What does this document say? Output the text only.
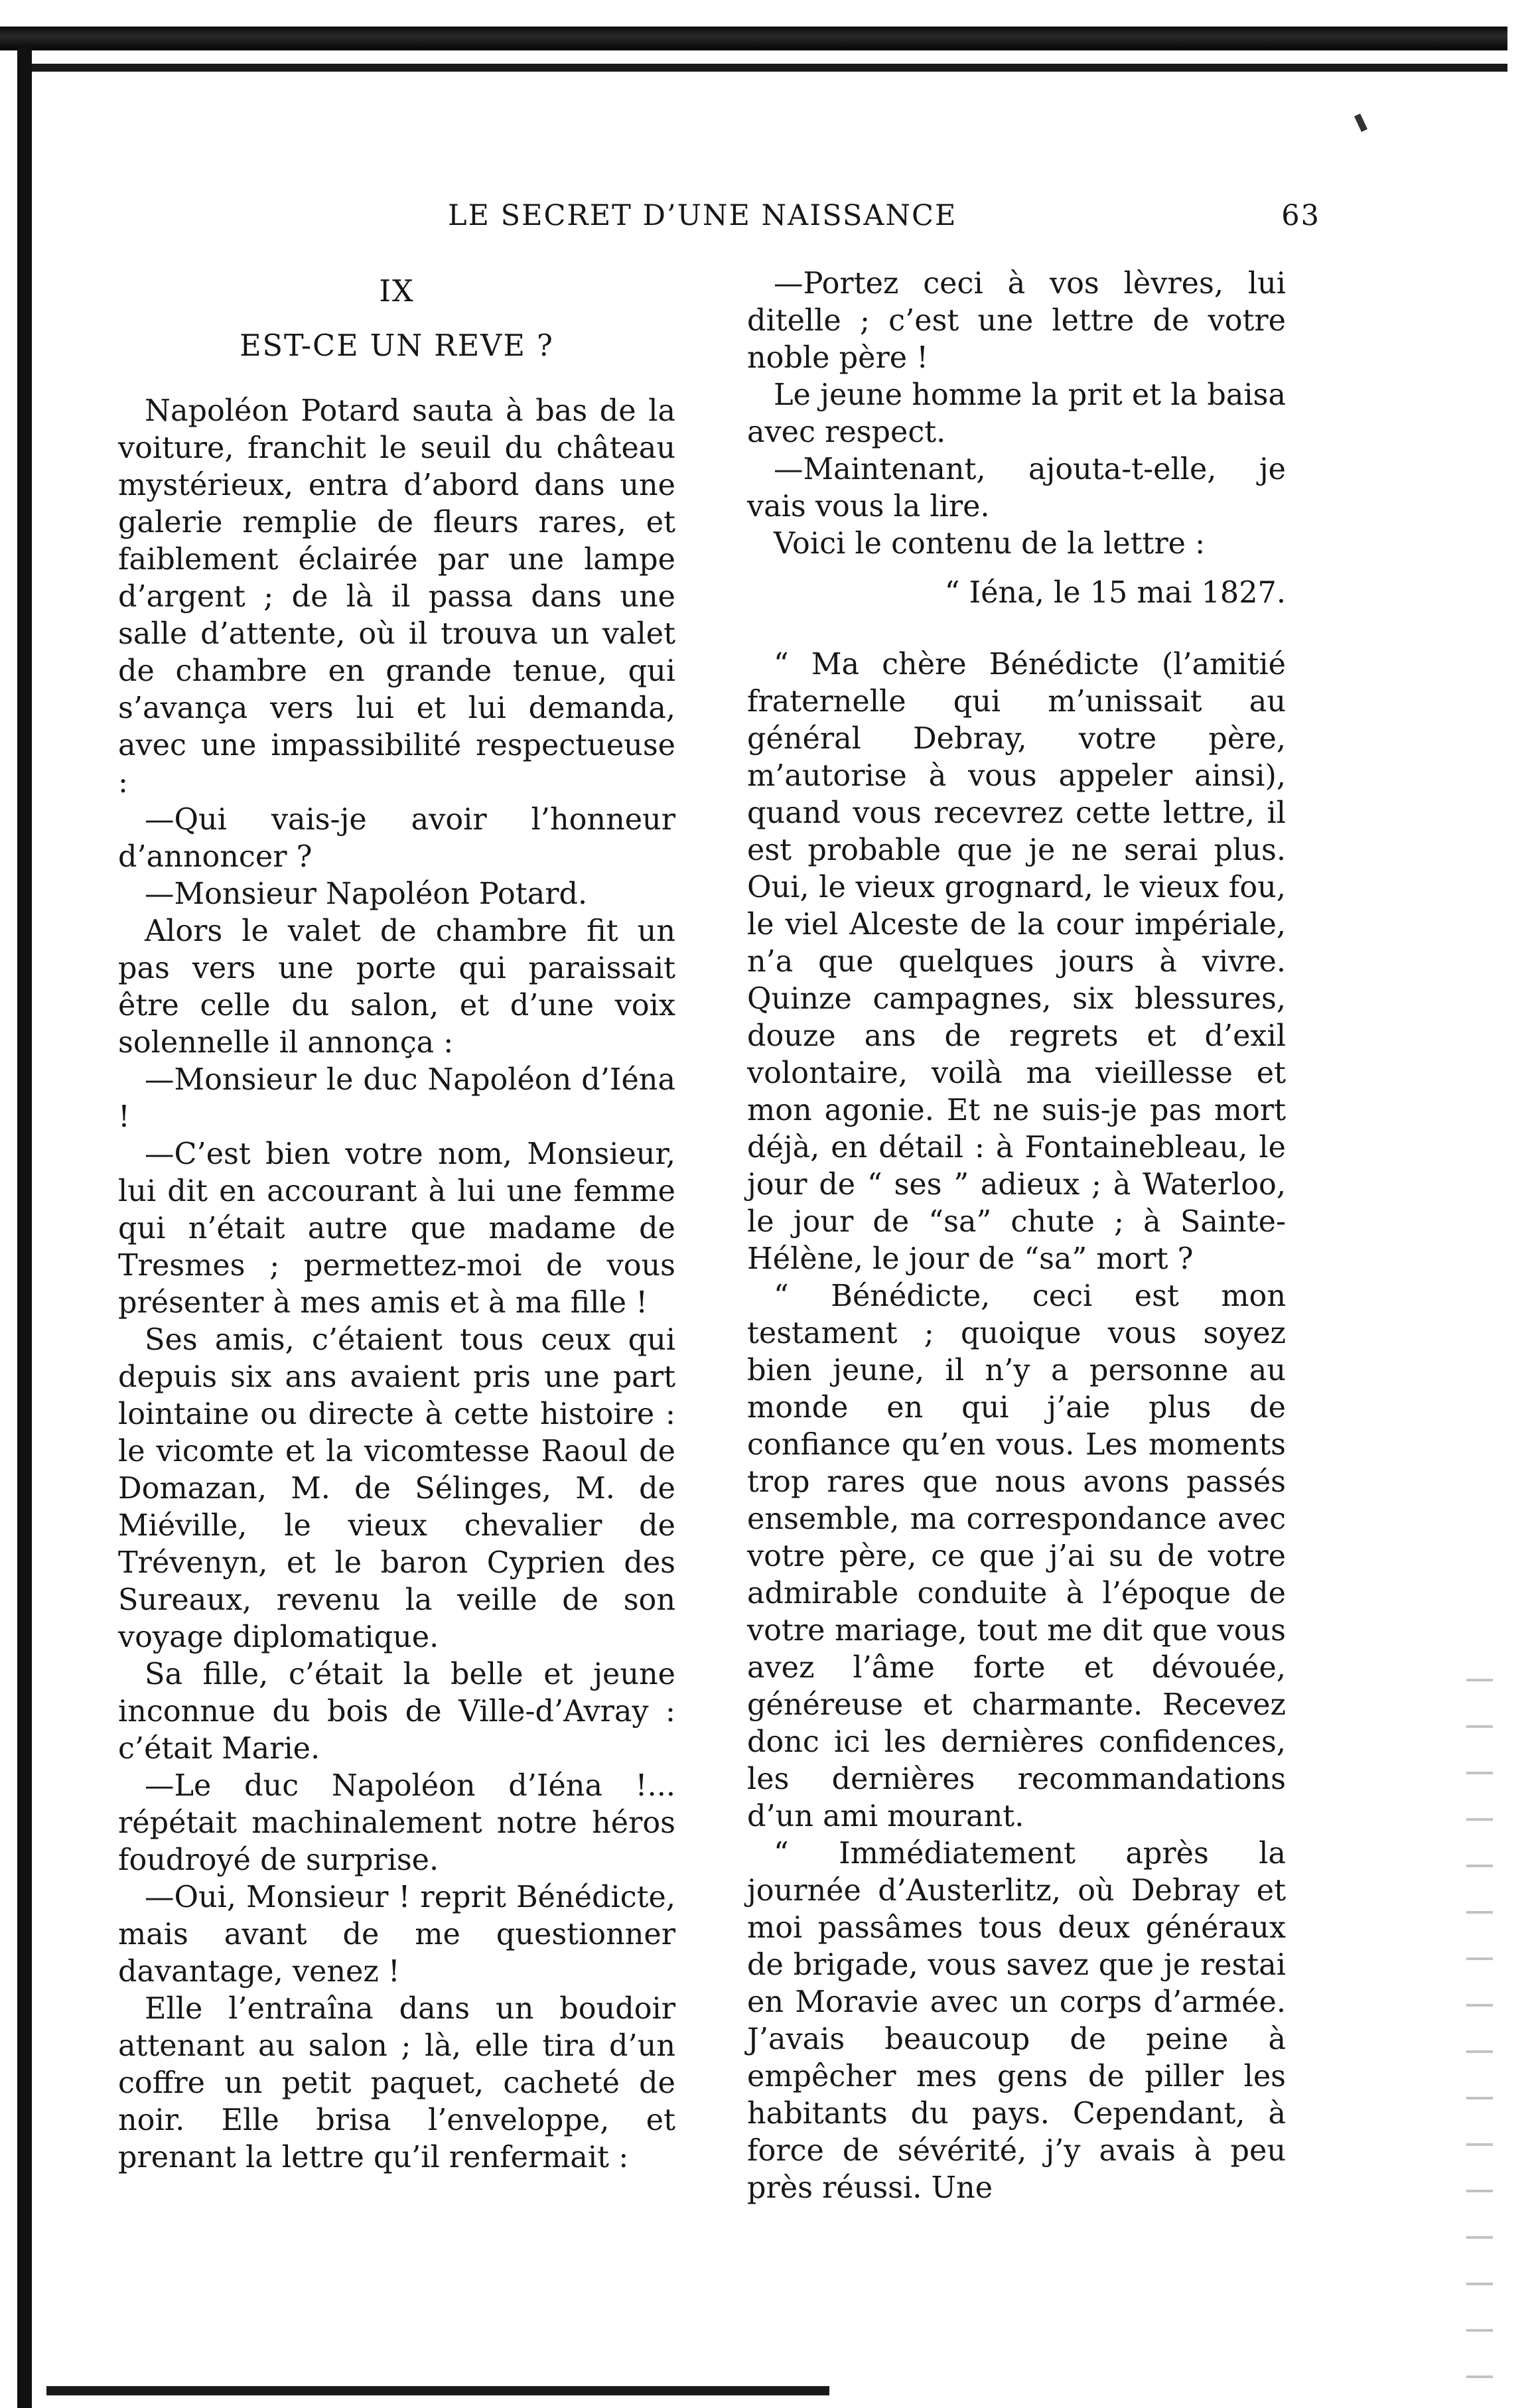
LE SECRET D’UNE NAISSANCE	63
IX
EST-CE UN REVE ?

Napoléon Potard sauta à bas de la voiture, franchit le seuil du château mystérieux, entra d’abord dans une galerie remplie de fleurs rares, et faiblement éclairée par une lampe d’argent ; de là il passa dans une salle d’attente, où il trouva un valet de chambre en grande tenue, qui s’avança vers lui et lui demanda, avec une impassibilité respectueuse :

—Qui vais-je avoir l’honneur d’annoncer ?

—Monsieur Napoléon Potard.

Alors le valet de chambre fit un pas vers une porte qui paraissait être celle du salon, et d’une voix solennelle il annonça :

—Monsieur le duc Napoléon d’Iéna !

—C’est bien votre nom, Monsieur, lui dit en accourant à lui une femme qui n’était autre que madame de Tresmes ; permettez-moi de vous présenter à mes amis et à ma fille !

Ses amis, c’étaient tous ceux qui depuis six ans avaient pris une part lointaine ou directe à cette histoire : le vicomte et la vicomtesse Raoul de Domazan, M. de Sélinges, M. de Miéville, le vieux chevalier de Trévenyn, et le baron Cyprien des Sureaux, revenu la veille de son voyage diplomatique.

Sa fille, c’était la belle et jeune inconnue du bois de Ville-d’Avray : c’était Marie.

—Le duc Napoléon d’Iéna !... répétait machinalement notre héros foudroyé de surprise.

—Oui, Monsieur ! reprit Bénédicte, mais avant de me questionner davantage, venez !

Elle l’entraîna dans un boudoir attenant au salon ; là, elle tira d’un coffre un petit paquet, cacheté de noir. Elle brisa l’enveloppe, et prenant la lettre qu’il renfermait :

—Portez ceci à vos lèvres, lui ditelle ; c’est une lettre de votre noble père !

Le jeune homme la prit et la baisa avec respect.

—Maintenant, ajouta-t-elle, je vais vous la lire.

Voici le contenu de la lettre :

“ Iéna, le 15 mai 1827.

“ Ma chère Bénédicte (l’amitié fraternelle qui m’unissait au général Debray, votre père, m’autorise à vous appeler ainsi), quand vous recevrez cette lettre, il est probable que je ne serai plus. Oui, le vieux grognard, le vieux fou, le viel Alceste de la cour impériale, n’a que quelques jours à vivre. Quinze campagnes, six blessures, douze ans de regrets et d’exil volontaire, voilà ma vieillesse et mon agonie. Et ne suis-je pas mort déjà, en détail : à Fontainebleau, le jour de “ ses ” adieux ; à Waterloo, le jour de “sa” chute ; à Sainte-Hélène, le jour de “sa” mort ?

“ Bénédicte, ceci est mon testament ; quoique vous soyez bien jeune, il n’y a personne au monde en qui j’aie plus de confiance qu’en vous. Les moments trop rares que nous avons passés ensemble, ma correspondance avec votre père, ce que j’ai su de votre admirable conduite à l’époque de votre mariage, tout me dit que vous avez l’âme forte et dévouée, généreuse et charmante. Recevez donc ici les dernières confidences, les dernières recommandations d’un ami mourant.

“ Immédiatement après la journée d’Austerlitz, où Debray et moi passâmes tous deux généraux de brigade, vous savez que je restai en Moravie avec un corps d’armée. J’avais beaucoup de peine à empêcher mes gens de piller les habitants du pays. Cependant, à force de sévérité, j’y avais à peu près réussi. Une
